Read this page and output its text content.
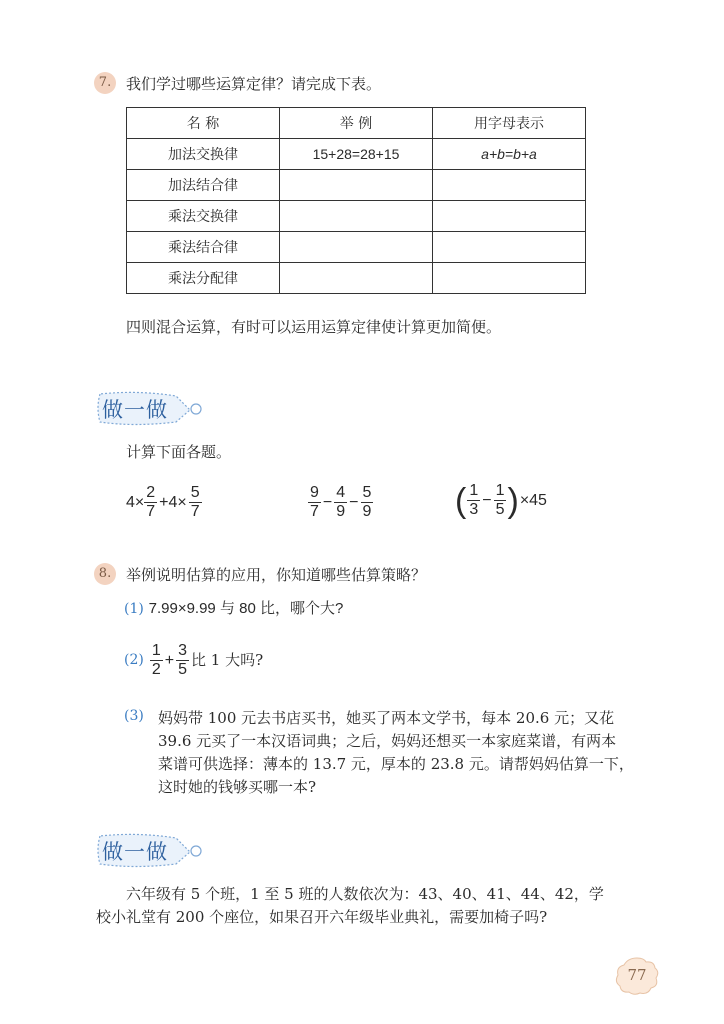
7. 我们学过哪些运算定律？请完成下表。
名 称	举 例	用字母表示
加法交换律	15+28=28+15	a+b=b+a
加法结合律		
乘法交换律		
乘法结合律		
乘法分配律		
四则混合运算，有时可以运用运算定律使计算更加简便。
做一做
计算下面各题。
$4\times \frac{2}{7} +4\times \frac{5}{7}$	$\frac{9}{7} - \frac{4}{9} - \frac{5}{9}$ ( $\frac{1}{3} - \frac{1}{5}$ ) ×45
8. 举例说明估算的应用，你知道哪些估算策略？
(1) 7.99×9.99 与 80 比，哪个大?
$(2) \frac{1}{2} + \frac{3}{5}$ 比 1 大吗?
(3) 妈妈带 100 元去书店买书，她买了两本文学书，每本 20.6 元；又花
39.6 元买了一本汉语词典；之后，妈妈还想买一本家庭菜谱，有两本
菜谱可供选择：薄本的 13.7 元，厚本的 23.8 元。请帮妈妈估算一下，
这时她的钱够买哪一本?
做一做
六年级有 5 个班，1 至 5 班的人数依次为：43、40、41、44、42，学
校小礼堂有 200 个座位，如果召开六年级毕业典礼，需要加椅子吗?
77
